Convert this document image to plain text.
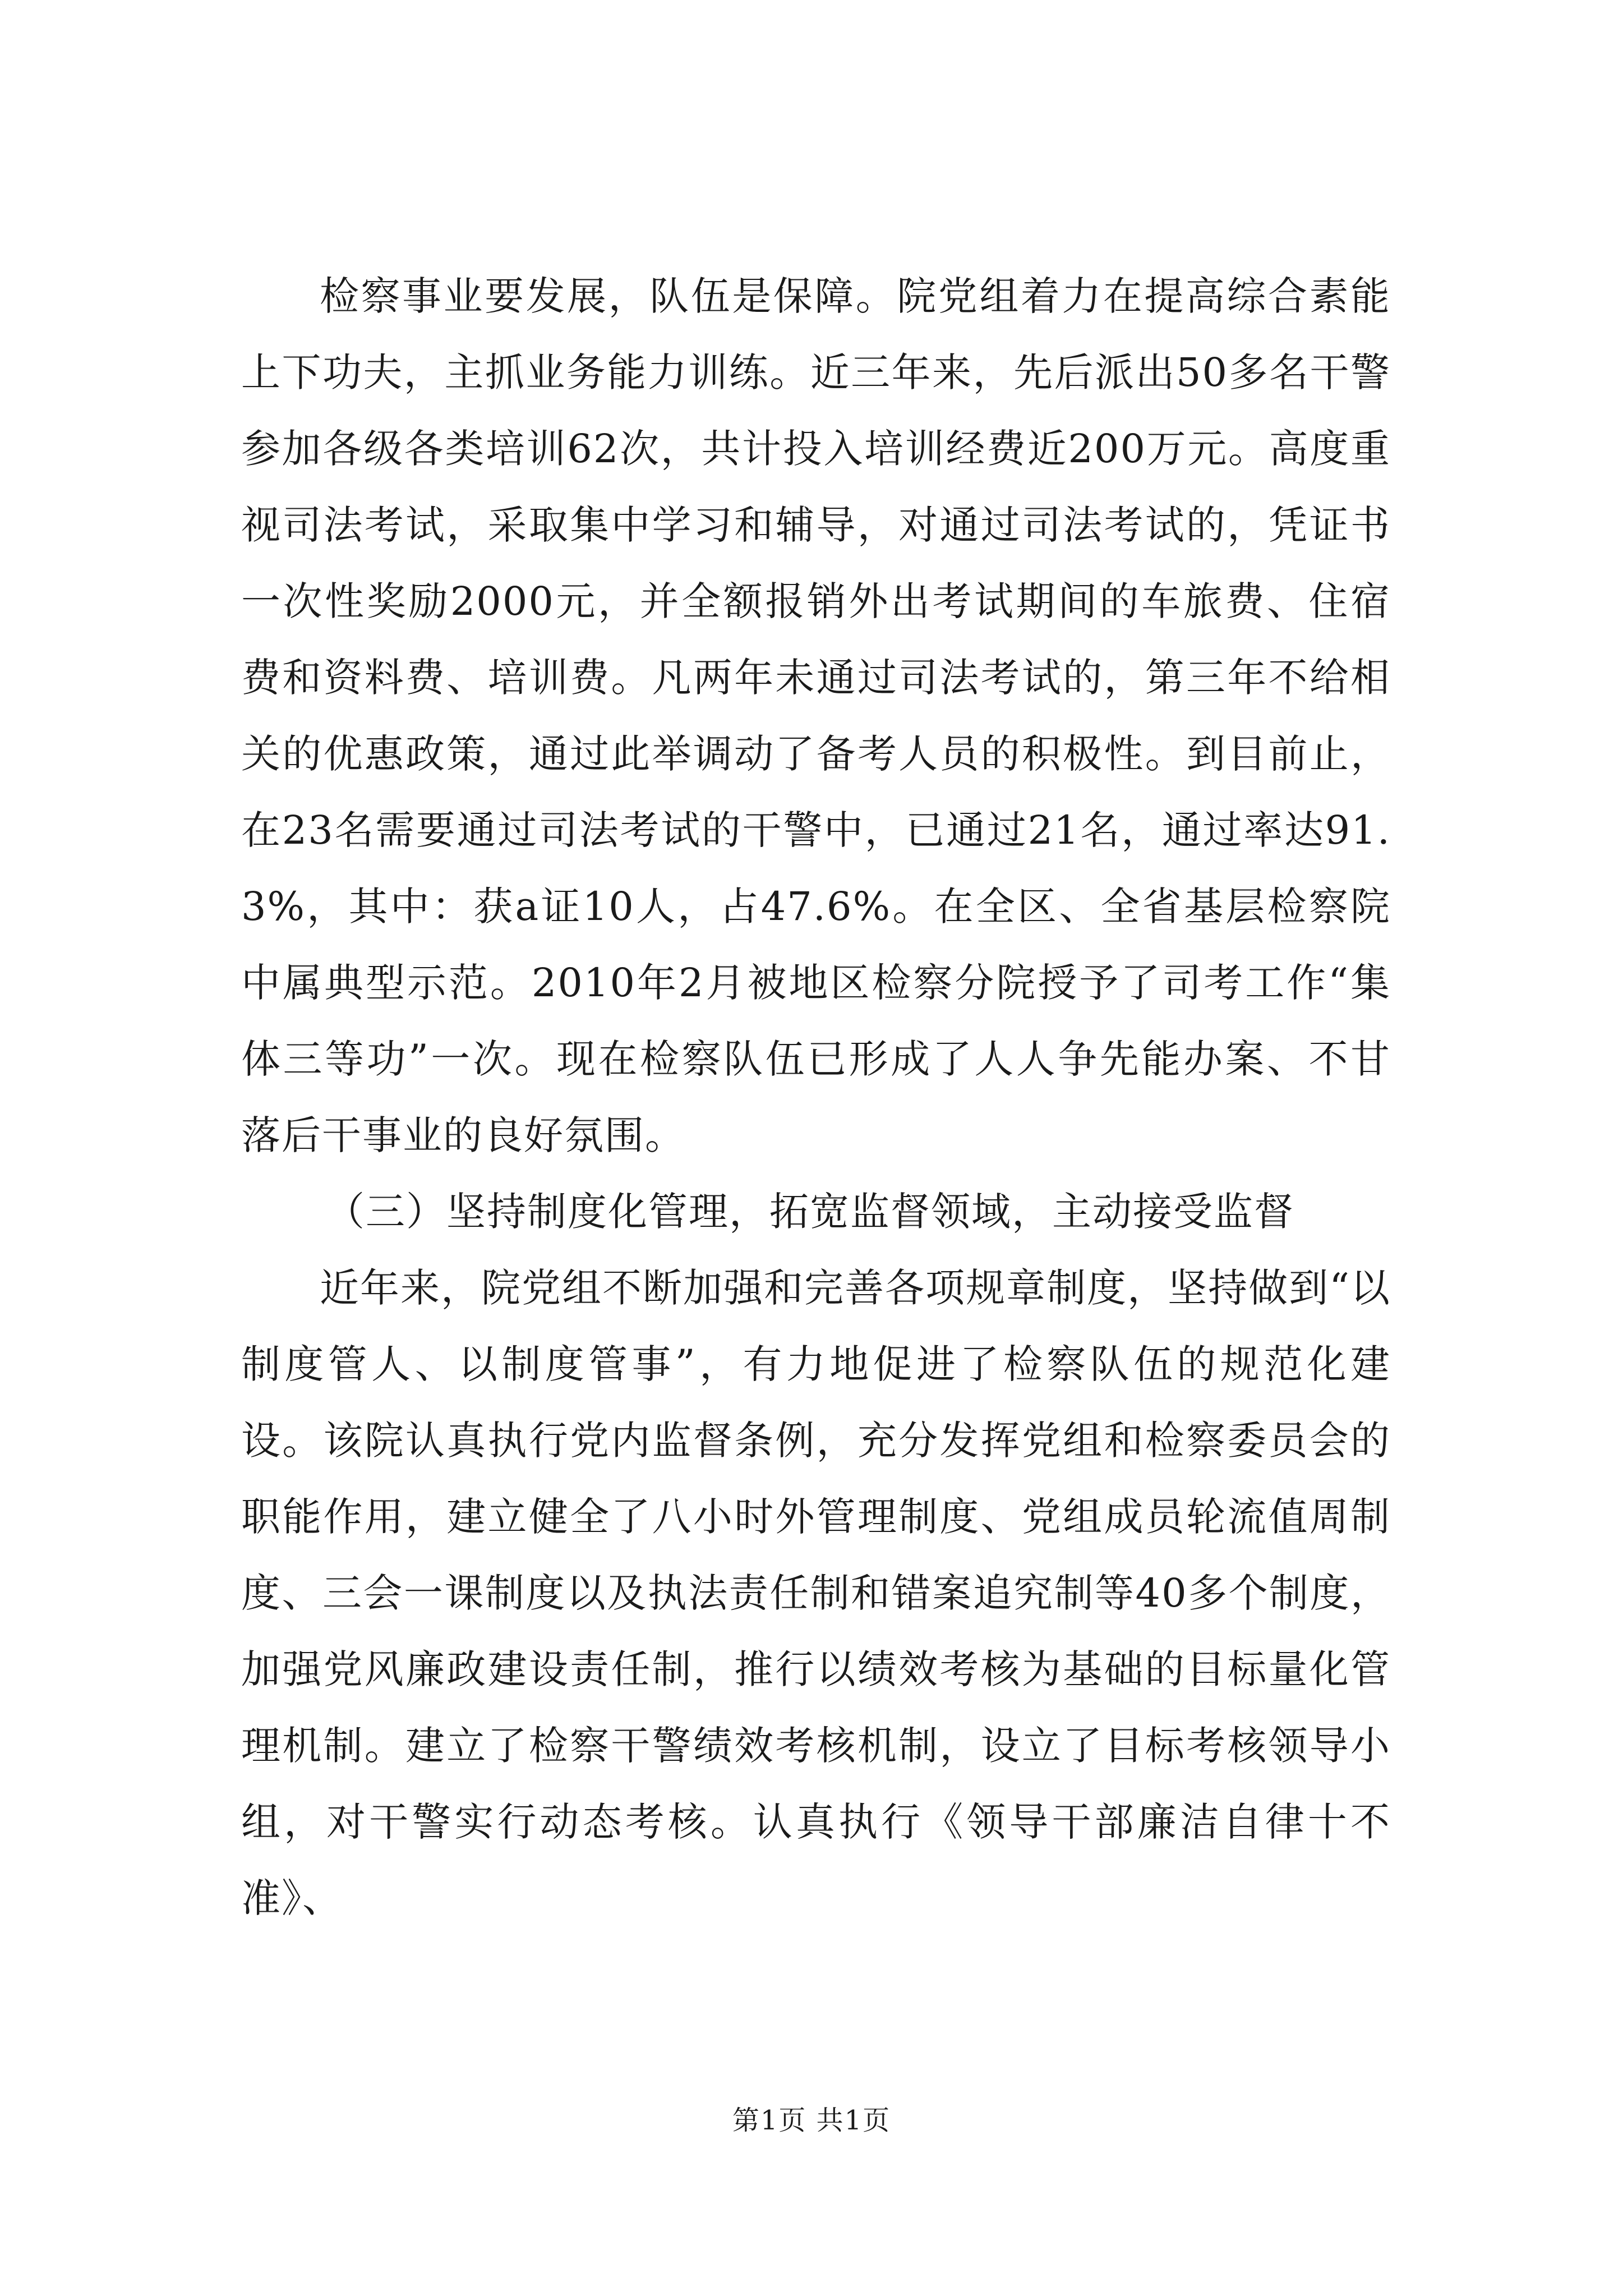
检察事业要发展，队伍是保障。院党组着力在提高综合素能上下功夫，主抓业务能力训练。近三年来，先后派出50多名干警参加各级各类培训62次，共计投入培训经费近200万元。高度重视司法考试，采取集中学习和辅导，对通过司法考试的，凭证书一次性奖励2000元，并全额报销外出考试期间的车旅费、住宿费和资料费、培训费。凡两年未通过司法考试的，第三年不给相关的优惠政策，通过此举调动了备考人员的积极性。到目前止，在23名需要通过司法考试的干警中，已通过21名，通过率达91.3%，其中：获a证10人，占47.6%。在全区、全省基层检察院中属典型示范。2010年2月被地区检察分院授予了司考工作“集体三等功”一次。现在检察队伍已形成了人人争先能办案、不甘落后干事业的良好氛围。

（三）坚持制度化管理，拓宽监督领域，主动接受监督

近年来，院党组不断加强和完善各项规章制度，坚持做到“以制度管人、以制度管事”，有力地促进了检察队伍的规范化建设。该院认真执行党内监督条例，充分发挥党组和检察委员会的职能作用，建立健全了八小时外管理制度、党组成员轮流值周制度、三会一课制度以及执法责任制和错案追究制等40多个制度，加强党风廉政建设责任制，推行以绩效考核为基础的目标量化管理机制。建立了检察干警绩效考核机制，设立了目标考核领导小组，对干警实行动态考核。认真执行《领导干部廉洁自律十不准》、

第1页 共1页
